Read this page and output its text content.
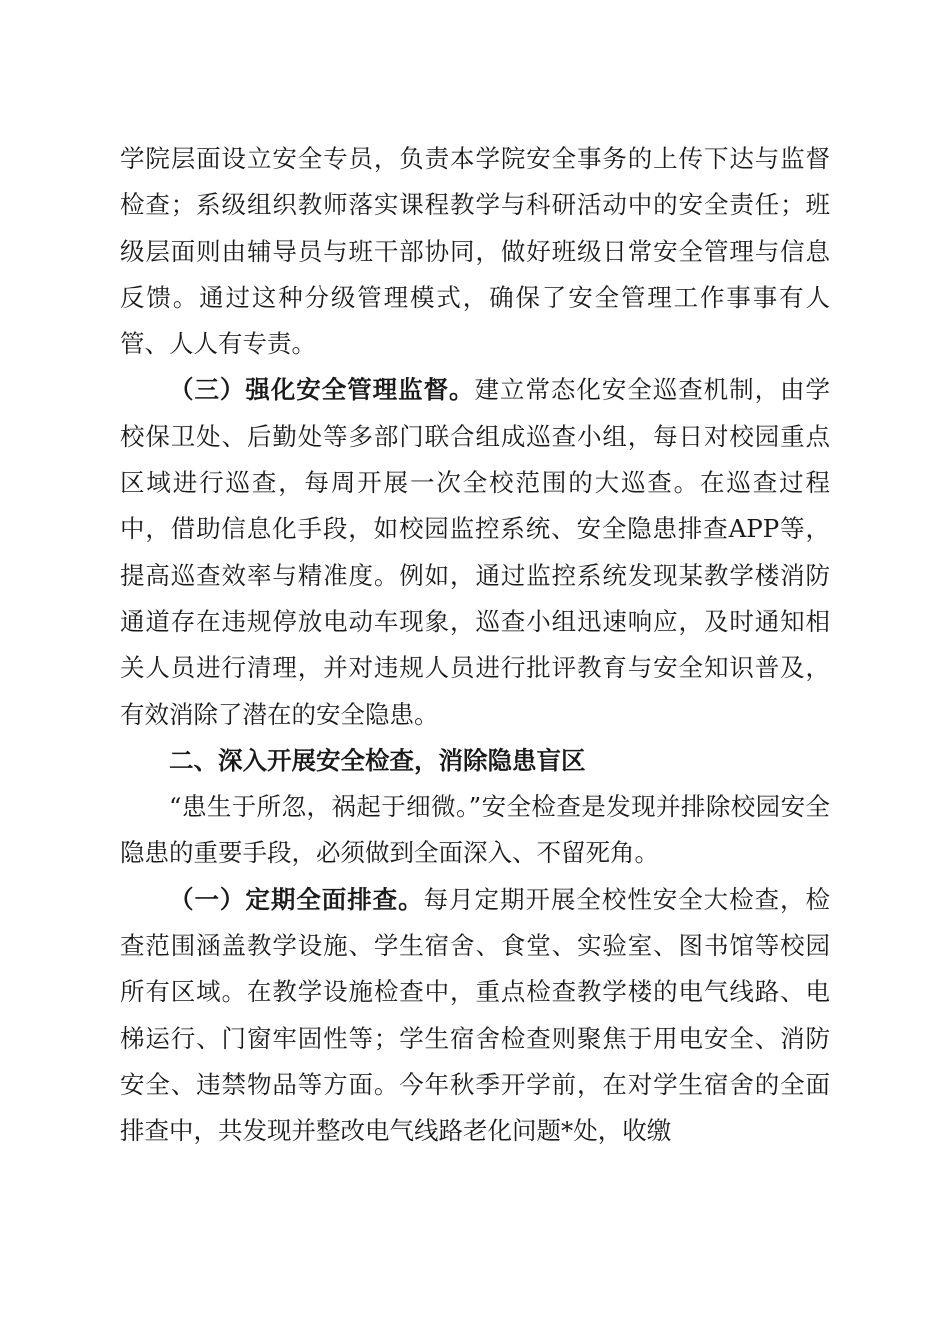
学院层面设立安全专员，负责本学院安全事务的上传下达与监督检查；系级组织教师落实课程教学与科研活动中的安全责任；班级层面则由辅导员与班干部协同，做好班级日常安全管理与信息反馈。通过这种分级管理模式，确保了安全管理工作事事有人管、人人有专责。

（三）强化安全管理监督。建立常态化安全巡查机制，由学校保卫处、后勤处等多部门联合组成巡查小组，每日对校园重点区域进行巡查，每周开展一次全校范围的大巡查。在巡查过程中，借助信息化手段，如校园监控系统、安全隐患排查APP等，提高巡查效率与精准度。例如，通过监控系统发现某教学楼消防通道存在违规停放电动车现象，巡查小组迅速响应，及时通知相关人员进行清理，并对违规人员进行批评教育与安全知识普及，有效消除了潜在的安全隐患。

二、深入开展安全检查，消除隐患盲区

“患生于所忽，祸起于细微。”安全检查是发现并排除校园安全隐患的重要手段，必须做到全面深入、不留死角。

（一）定期全面排查。每月定期开展全校性安全大检查，检查范围涵盖教学设施、学生宿舍、食堂、实验室、图书馆等校园所有区域。在教学设施检查中，重点检查教学楼的电气线路、电梯运行、门窗牢固性等；学生宿舍检查则聚焦于用电安全、消防安全、违禁物品等方面。今年秋季开学前，在对学生宿舍的全面排查中，共发现并整改电气线路老化问题*处，收缴
